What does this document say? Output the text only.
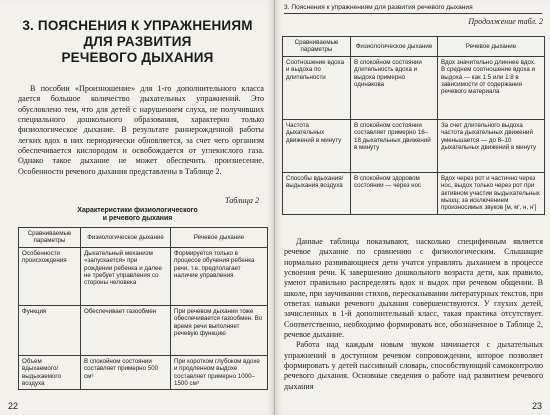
3. ПОЯСНЕНИЯ К УПРАЖНЕНИЯМ
ДЛЯ РАЗВИТИЯ
РЕЧЕВОГО ДЫХАНИЯ

В пособии «Произношение» для 1-го дополнительного класса дается большое количество дыхательных упражнений. Это обусловлено тем, что для детей с нарушением слуха, не получивших специального дошкольного образования, характерно только физиологическое дыхание. В результате раннерожденной работы легких вдох в них периодически обновляется, за счет чего организм обеспечивается кислородом и освобождается от углекислого газа. Однако такое дыхание не может обеспечить произнесение. Особенности речевого дыхания представлены в Таблице 2.

Таблица 2
Характеристики физиологического
и речевого дыхания
Сравниваемые параметры	Физиологическое дыхание	Речевое дыхание
Особенности происхождения	Дыхательный механизм «запускается» при рождении ребенка и далее не требует управления со стороны человека	Формируется только в процессе обучения ребенка речи, т.е. предполагает наличие управления
Функция	Обеспечивает газообмен	При речевом дыхании тоже обеспечивается газообмен. Во время речи выполняет речевую функцию
Объем вдыхаемого/выдыхаемого воздуха	В спокойном состоянии составляет примерно 500 см³	При коротком глубоком вдохе и продленном выдохе составляет примерно 1000–1500 см³
22
3. Пояснения к упражнениям для развития речевого дыхания
Продолжение табл. 2

Данные таблицы показывают, насколько специфичным является речевое дыхание по сравнению с физиологическим. Слышащие нормально развивающиеся дети учатся управлять дыханием в процессе усвоения речи. К завершению дошкольного возраста дети, как правило, умеют правильно распределять вдох и выдох при речевом общении. В школе, при заучивании стихов, пересказывании литературных текстов, при ответах навыки речевого дыхания совершенствуются. У глухих детей, зачисленных в 1-й дополнительный класс, такая практика отсутствует. Соответственно, необходимо формировать все, обозначенное в Таблице 2, речевое дыхание.

Работа над каждым новым звуком начинается с дыхательных упражнений в доступном речевом сопровождении, которое позволяет формировать у детей пассивный словарь, способствующий самоконтролю речевого дыхания. Основные сведения о работе над развитием речевого дыхания

23
Сравниваемые параметры	Физиологическое дыхание	Речевое дыхание
Соотношение вдоха и выдоха по длительности	В спокойном состоянии длительность вдоха и выдоха примерно одинакова	Вдох значительно длиннее вдох. В среднем соотношение вдоха и выдоха — как 1:5 или 1:8 в зависимости от содержания речевого материала
Частота дыхательных движений в минуту	В спокойном состоянии составляет примерно 16–18 дыхательных движений в минуту	За счет длительного выдоха частота дыхательных движений уменьшается — до 8–10 дыхательных движений в минуту
Способы вдыхания/выдыхания воздуха	В спокойном здоровом состоянии — через нос	Вдох через рот и частично через нос, выдох только через рот при активном участии выдыхательных мышц; за исключением произносимых звуков [м, м', н, н']
